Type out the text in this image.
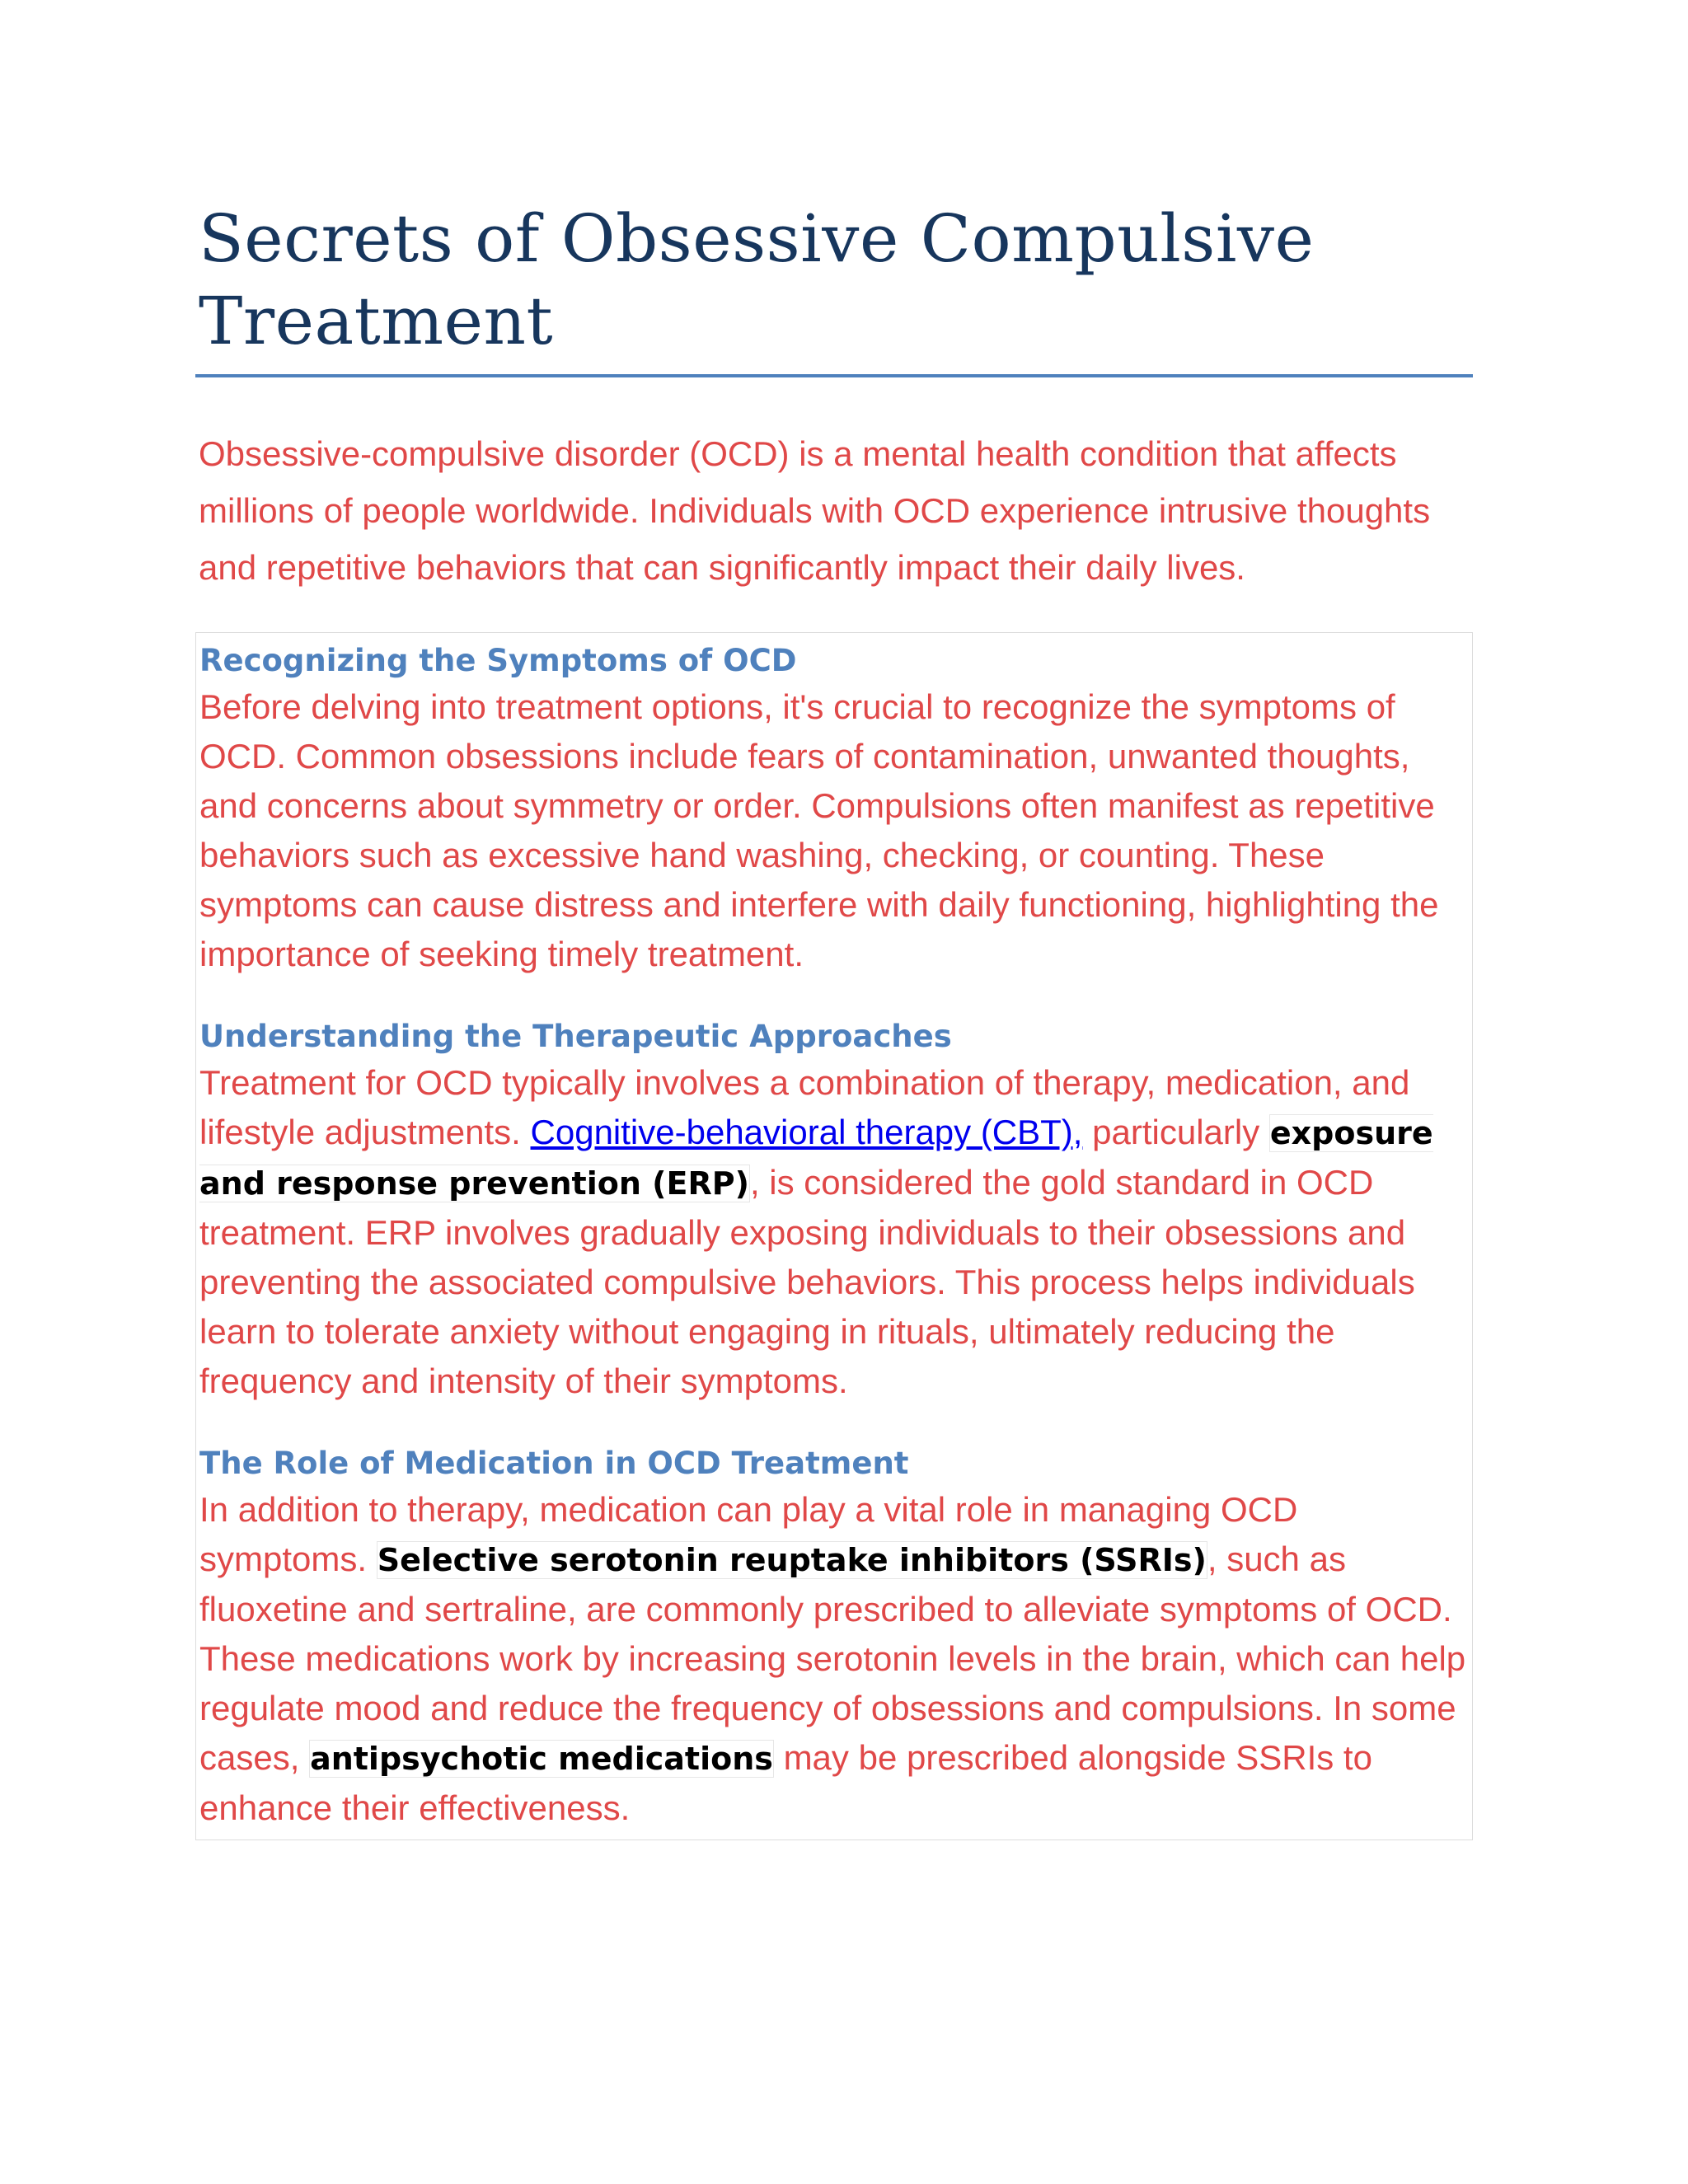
Secrets of Obsessive Compulsive Treatment

Obsessive-compulsive disorder (OCD) is a mental health condition that affects millions of people worldwide. Individuals with OCD experience intrusive thoughts and repetitive behaviors that can significantly impact their daily lives.

Recognizing the Symptoms of OCD

Before delving into treatment options, it's crucial to recognize the symptoms of OCD. Common obsessions include fears of contamination, unwanted thoughts, and concerns about symmetry or order. Compulsions often manifest as repetitive behaviors such as excessive hand washing, checking, or counting. These symptoms can cause distress and interfere with daily functioning, highlighting the importance of seeking timely treatment.

Understanding the Therapeutic Approaches

Treatment for OCD typically involves a combination of therapy, medication, and lifestyle adjustments. Cognitive-behavioral therapy (CBT), particularly exposure and response prevention (ERP), is considered the gold standard in OCD treatment. ERP involves gradually exposing individuals to their obsessions and preventing the associated compulsive behaviors. This process helps individuals learn to tolerate anxiety without engaging in rituals, ultimately reducing the frequency and intensity of their symptoms.

The Role of Medication in OCD Treatment

In addition to therapy, medication can play a vital role in managing OCD symptoms. Selective serotonin reuptake inhibitors (SSRIs), such as fluoxetine and sertraline, are commonly prescribed to alleviate symptoms of OCD. These medications work by increasing serotonin levels in the brain, which can help regulate mood and reduce the frequency of obsessions and compulsions. In some cases, antipsychotic medications may be prescribed alongside SSRIs to enhance their effectiveness.
